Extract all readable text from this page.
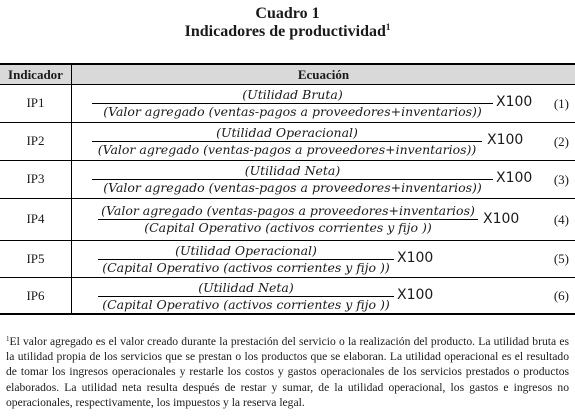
Cuadro 1
Indicadores de productividad$^1$
Indicador	Ecuación
IP1
(Utilidad Bruta)
(Valor agregado (ventas-pagos a proveedores+inventarios))
X100 (1)
IP2
(Utilidad Operacional)
(Valor agregado (ventas-pagos a proveedores+inventarios))
X100 (2)
IP3
(Utilidad Neta)
(Valor agregado (ventas-pagos a proveedores+inventarios))
X100 (3)
IP4
(Valor agregado (ventas-pagos a proveedores+inventarios)
(Capital Operativo (activos corrientes y fijo ))
X100	(4)
IP5
(Utilidad Operacional)
(Capital Operativo (activos corrientes y fijo ))
X100	(5)
IP6
(Utilidad Neta)
(Capital Operativo (activos corrientes y fijo ))
X100	(6)
$^1$El valor agregado es el valor creado durante la prestación del servicio o la realización del producto. La utilidad bruta es la utilidad propia de los servicios que se prestan o los productos que se elaboran. La utilidad operacional es el resultado de tomar los ingresos operacionales y restarle los costos y gastos operacionales de los servicios prestados o productos elaborados. La utilidad neta resulta después de restar y sumar, de la utilidad operacional, los gastos e ingresos no operacionales, respectivamente, los impuestos y la reserva legal.
